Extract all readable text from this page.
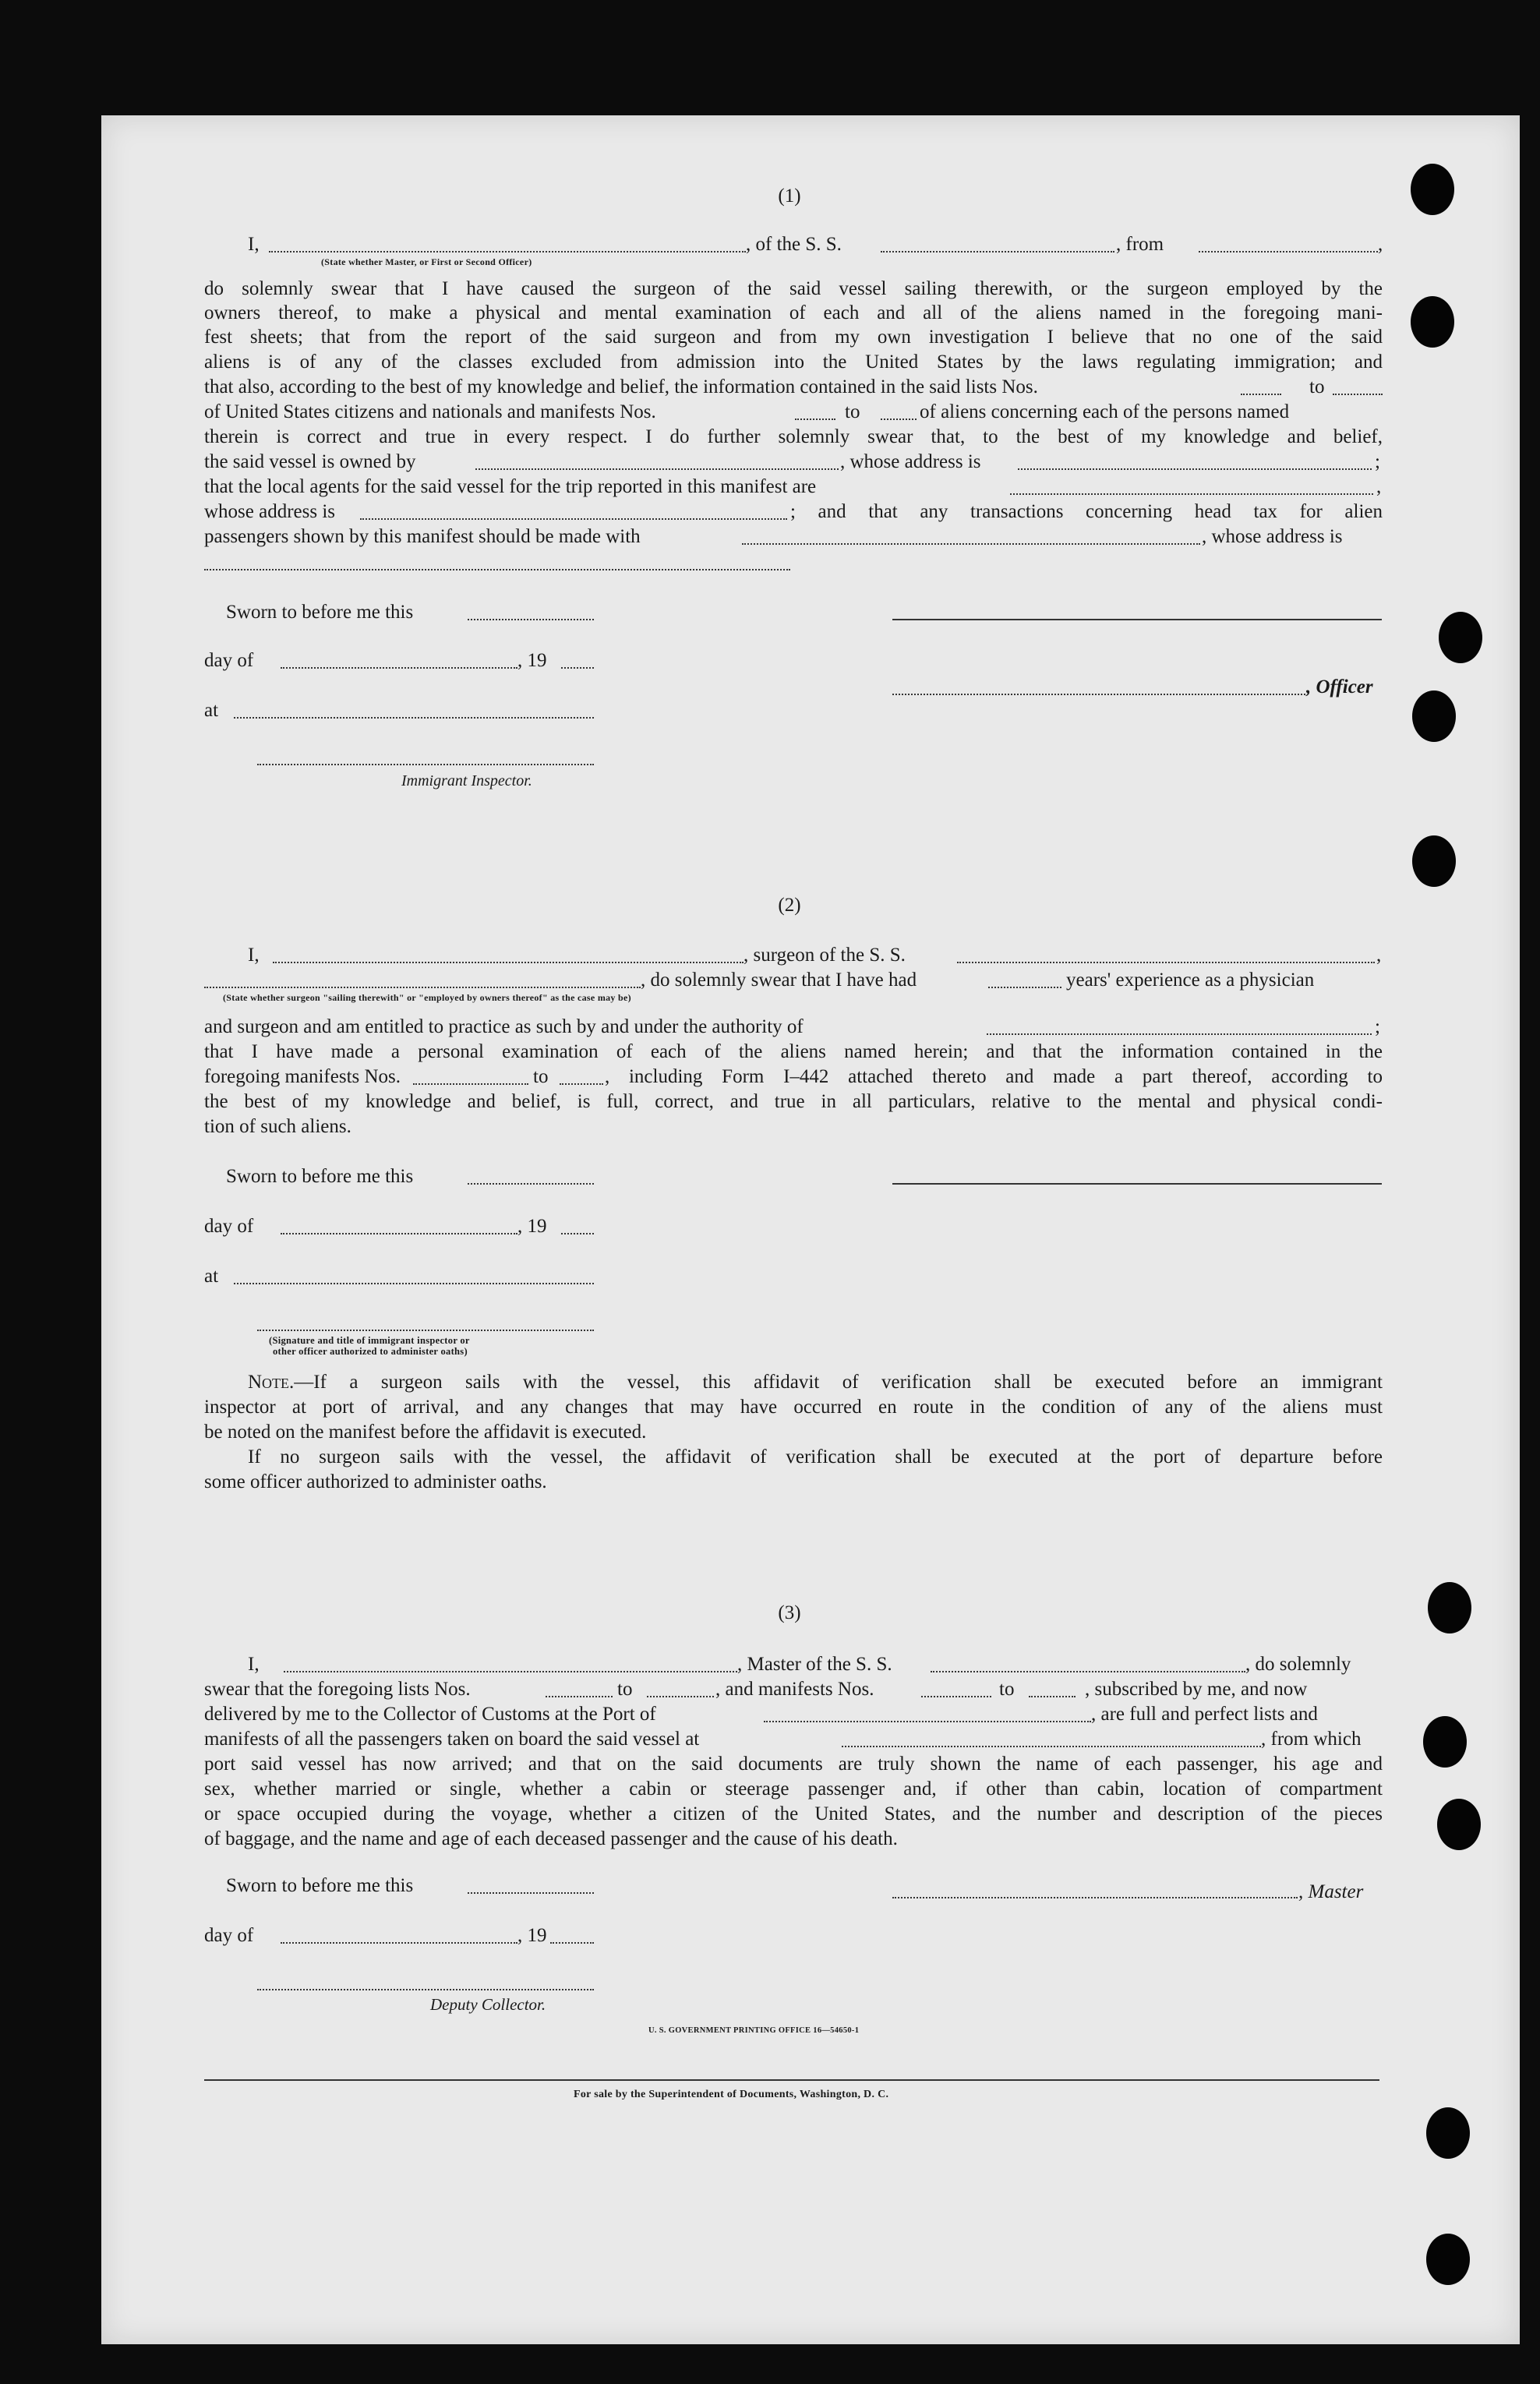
(1)
I,	, of the S. S.	, from	,
(State whether Master, or First or Second Officer)
do solemnly swear that I have caused the surgeon of the said vessel sailing therewith, or the surgeon employed by the
owners thereof, to make a physical and mental examination of each and all of the aliens named in the foregoing mani-
fest sheets; that from the report of the said surgeon and from my own investigation I believe that no one of the said
aliens is of any of the classes excluded from admission into the United States by the laws regulating immigration; and
that also, according to the best of my knowledge and belief, the information contained in the said lists Nos.	to
of United States citizens and nationals and manifests Nos.	to	of aliens concerning each of the persons named
therein is correct and true in every respect. I do further solemnly swear that, to the best of my knowledge and belief,
the said vessel is owned by	, whose address is	;
that the local agents for the said vessel for the trip reported in this manifest are	,
whose address is	; and that any transactions concerning head tax for alien
passengers shown by this manifest should be made with	, whose address is
Sworn to before me this
day of	, 19
, Officer
at
Immigrant Inspector.
(2)
I,	, surgeon of the S. S.	,
, do solemnly swear that I have had	years' experience as a physician
(State whether surgeon "sailing therewith" or "employed by owners thereof" as the case may be)
and surgeon and am entitled to practice as such by and under the authority of	;
that I have made a personal examination of each of the aliens named herein; and that the information contained in the
foregoing manifests Nos.	to	, including Form I–442 attached thereto and made a part thereof, according to
the best of my knowledge and belief, is full, correct, and true in all particulars, relative to the mental and physical condi-
tion of such aliens.
Sworn to before me this
day of	, 19
at
(Signature and title of immigrant inspector or
other officer authorized to administer oaths)
Note.—If a surgeon sails with the vessel, this affidavit of verification shall be executed before an immigrant
inspector at port of arrival, and any changes that may have occurred en route in the condition of any of the aliens must
be noted on the manifest before the affidavit is executed.
If no surgeon sails with the vessel, the affidavit of verification shall be executed at the port of departure before
some officer authorized to administer oaths.
(3)
I,	, Master of the S. S.	, do solemnly
swear that the foregoing lists Nos.	to	, and manifests Nos.	to	, subscribed by me, and now
delivered by me to the Collector of Customs at the Port of	, are full and perfect lists and
manifests of all the passengers taken on board the said vessel at	, from which
port said vessel has now arrived; and that on the said documents are truly shown the name of each passenger, his age and
sex, whether married or single, whether a cabin or steerage passenger and, if other than cabin, location of compartment
or space occupied during the voyage, whether a citizen of the United States, and the number and description of the pieces
of baggage, and the name and age of each deceased passenger and the cause of his death.
Sworn to before me this	, Master
day of	, 19
Deputy Collector.
U. S. GOVERNMENT PRINTING OFFICE 16—54650-1
For sale by the Superintendent of Documents, Washington, D. C.
